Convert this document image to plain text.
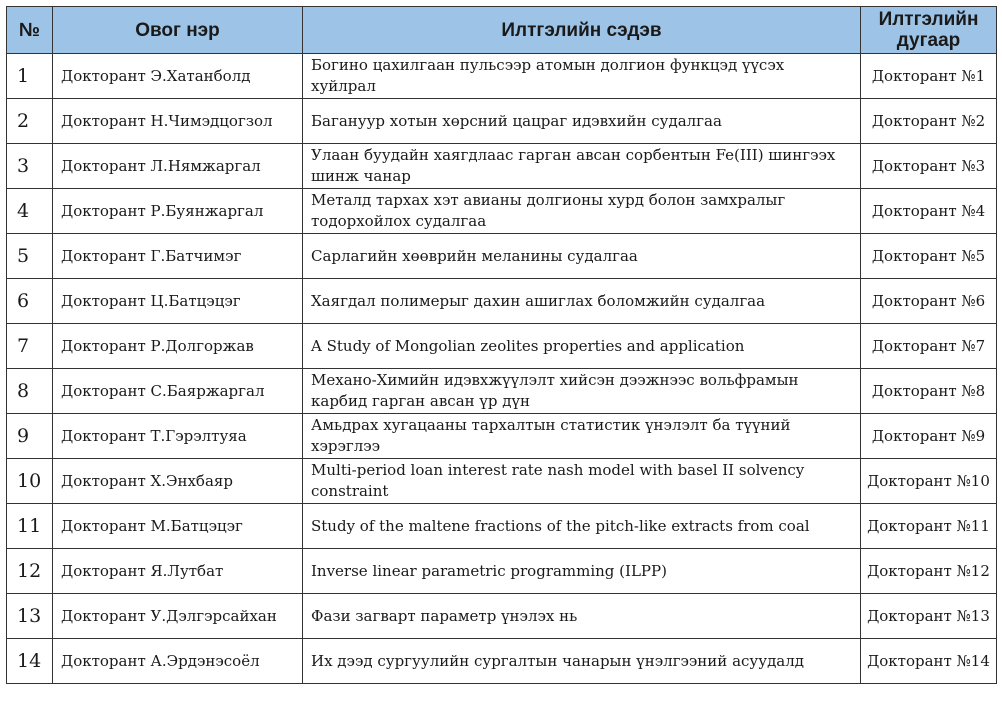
№	Овог нэр	Илтгэлийн сэдэв	Илтгэлийн дугаар
1	Докторант Э.Хатанболд	Богино цахилгаан пульсээр атомын долгион функцэд үүсэх хуйлрал	Докторант №1
2	Докторант Н.Чимэдцогзол	Багануур хотын хөрсний цацраг идэвхийн судалгаа	Докторант №2
3	Докторант Л.Нямжаргал	Улаан буудайн хаягдлаас гарган авсан сорбентын Fe(III) шингээх шинж чанар	Докторант №3
4	Докторант Р.Буянжаргал	Металд тархах хэт авианы долгионы хурд болон замхралыг тодорхойлох судалгаа	Докторант №4
5	Докторант Г.Батчимэг	Сарлагийн хөөврийн меланины судалгаа	Докторант №5
6	Докторант Ц.Батцэцэг	Хаягдал полимерыг дахин ашиглах боломжийн судалгаа	Докторант №6
7	Докторант Р.Долгоржав	A Study of Mongolian zeolites properties and application	Докторант №7
8	Докторант С.Баяржаргал	Механо-Химийн идэвхжүүлэлт хийсэн дээжнээс вольфрамын карбид гарган авсан үр дүн	Докторант №8
9	Докторант Т.Гэрэлтуяа	Амьдрах хугацааны тархалтын статистик үнэлэлт ба түүний хэрэглээ	Докторант №9
10	Докторант Х.Энхбаяр	Multi-period loan interest rate nash model with basel II solvency constraint	Докторант №10
11	Докторант М.Батцэцэг	Study of the maltene fractions of the pitch-like extracts from coal	Докторант №11
12	Докторант Я.Лутбат	Inverse linear parametric programming (ILPP)	Докторант №12
13	Докторант У.Дэлгэрсайхан	Фази загварт параметр үнэлэх нь	Докторант №13
14	Докторант А.Эрдэнэсоёл	Их дээд сургуулийн сургалтын чанарын үнэлгээний асуудалд	Докторант №14
